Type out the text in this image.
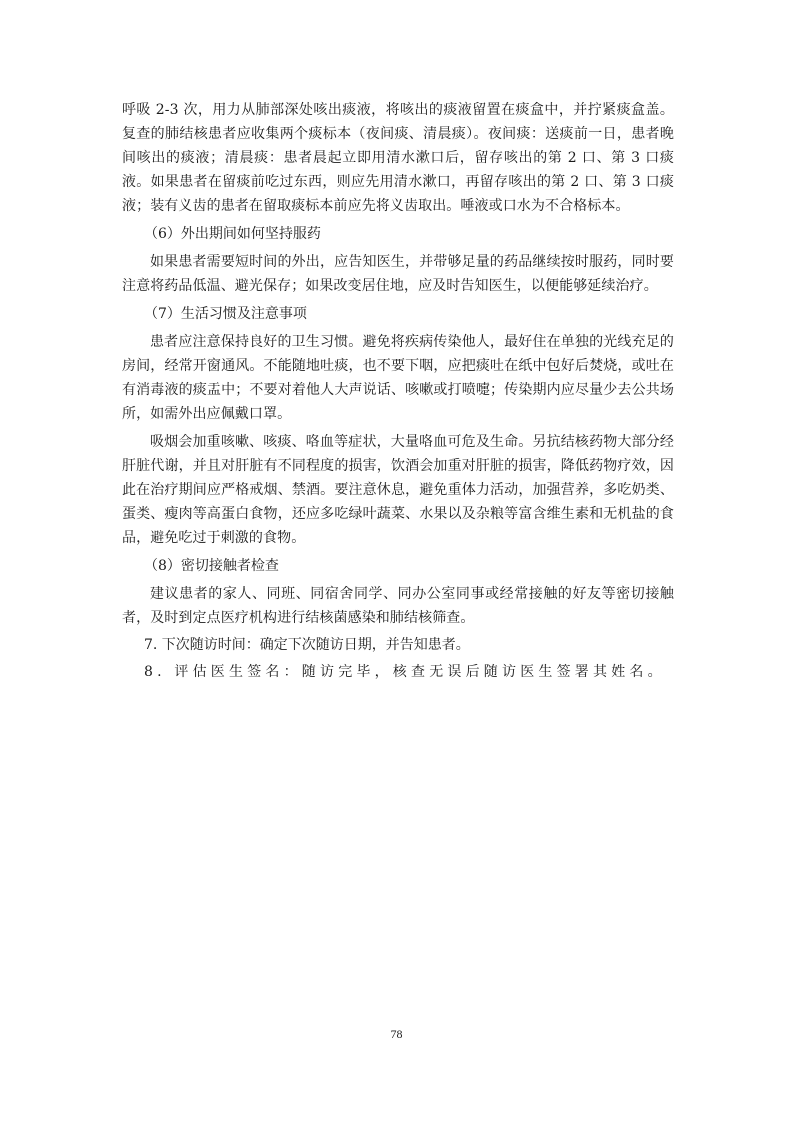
呼吸 2-3 次，用力从肺部深处咳出痰液，将咳出的痰液留置在痰盒中，并拧紧痰盒盖。复查的肺结核患者应收集两个痰标本（夜间痰、清晨痰）。夜间痰：送痰前一日，患者晚间咳出的痰液；清晨痰：患者晨起立即用清水漱口后，留存咳出的第 2 口、第 3 口痰液。如果患者在留痰前吃过东西，则应先用清水漱口，再留存咳出的第 2 口、第 3 口痰液；装有义齿的患者在留取痰标本前应先将义齿取出。唾液或口水为不合格标本。

（6）外出期间如何坚持服药

如果患者需要短时间的外出，应告知医生，并带够足量的药品继续按时服药，同时要注意将药品低温、避光保存；如果改变居住地，应及时告知医生，以便能够延续治疗。

（7）生活习惯及注意事项

患者应注意保持良好的卫生习惯。避免将疾病传染他人，最好住在单独的光线充足的房间，经常开窗通风。不能随地吐痰，也不要下咽，应把痰吐在纸中包好后焚烧，或吐在有消毒液的痰盂中；不要对着他人大声说话、咳嗽或打喷嚏；传染期内应尽量少去公共场所，如需外出应佩戴口罩。

吸烟会加重咳嗽、咳痰、咯血等症状，大量咯血可危及生命。另抗结核药物大部分经肝脏代谢，并且对肝脏有不同程度的损害，饮酒会加重对肝脏的损害，降低药物疗效，因此在治疗期间应严格戒烟、禁酒。要注意休息，避免重体力活动，加强营养，多吃奶类、蛋类、瘦肉等高蛋白食物，还应多吃绿叶蔬菜、水果以及杂粮等富含维生素和无机盐的食品，避免吃过于刺激的食物。

（8）密切接触者检查

建议患者的家人、同班、同宿舍同学、同办公室同事或经常接触的好友等密切接触者，及时到定点医疗机构进行结核菌感染和肺结核筛查。

7. 下次随访时间：确定下次随访日期，并告知患者。

8. 评估医生签名：随访完毕，核查无误后随访医生签署其姓名。

78
